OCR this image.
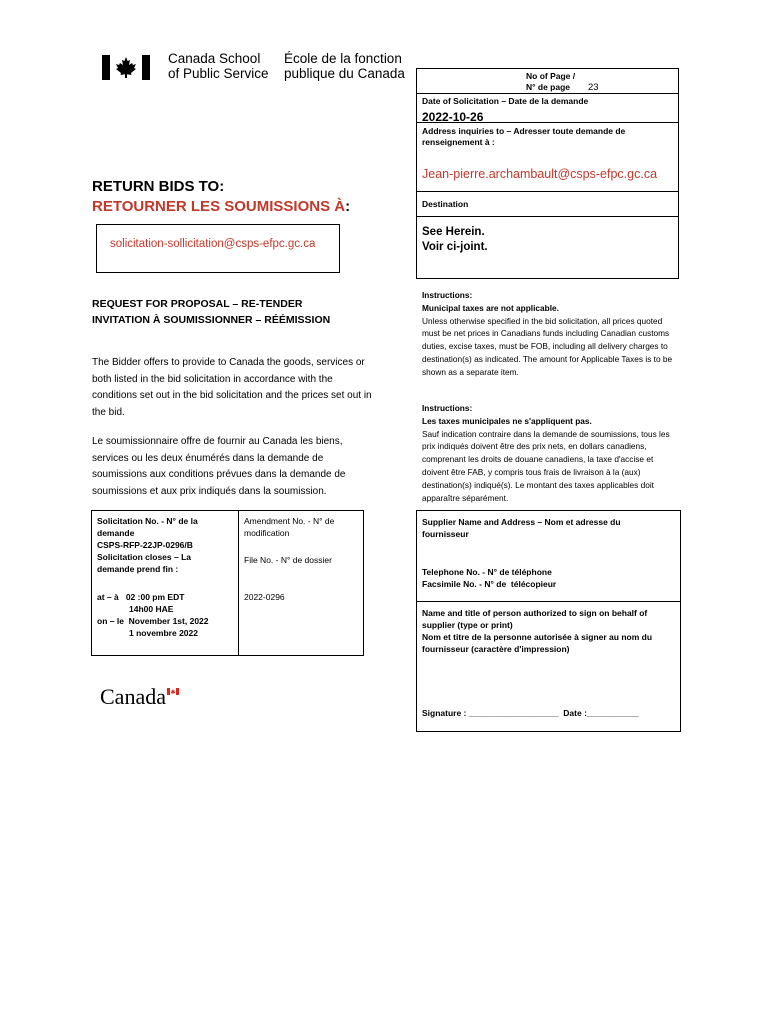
Canada School
of Public Service
École de la fonction
publique du Canada	No of Page /
N° de page	23
Date of Solicitation – Date de la demande
2022-10-26
Address inquiries to – Adresser toute demande de renseignement à :
Jean-pierre.archambault@csps-efpc.gc.ca
Destination
See Herein.
Voir ci-joint.
RETURN BIDS TO:
RETOURNER LES SOUMISSIONS À:
solicitation-sollicitation@csps-efpc.gc.ca
REQUEST FOR PROPOSAL – RE-TENDER
INVITATION À SOUMISSIONNER – RÉÉMISSION
The Bidder offers to provide to Canada the goods, services or both listed in the bid solicitation in accordance with the conditions set out in the bid solicitation and the prices set out in the bid.
Le soumissionnaire offre de fournir au Canada les biens, services ou les deux énumérés dans la demande de soumissions aux conditions prévues dans la demande de soumissions et aux prix indiqués dans la soumission.
Instructions:
Municipal taxes are not applicable.
Unless otherwise specified in the bid solicitation, all prices quoted must be net prices in Canadians funds including Canadian customs duties, excise taxes, must be FOB, including all delivery charges to destination(s) as indicated. The amount for Applicable Taxes is to be shown as a separate item.
Instructions:
Les taxes municipales ne s'appliquent pas.
Sauf indication contraire dans la demande de soumissions, tous les prix indiqués doivent être des prix nets, en dollars canadiens, comprenant les droits de douane canadiens, la taxe d'accise et doivent être FAB, y compris tous frais de livraison à la (aux) destination(s) indiqué(s). Le montant des taxes applicables doit apparaître séparément.
Solicitation No. - N° de la
demande
CSPS-RFP-22JP-0296/B
Solicitation closes – La
demande prend fin :
at – à   02 :00 pm EDT
14h00 HAE
on – le  November 1st, 2022
1 novembre 2022
Amendment No. - N° de
modification
File No. - N° de dossier
2022-0296
Supplier Name and Address – Nom et adresse du
fournisseur
Telephone No. - N° de téléphone
Facsimile No. - N° de  télécopieur
Name and title of person authorized to sign on behalf of supplier (type or print)
Nom et titre de la personne autorisée à signer au nom du fournisseur (caractère d'impression)
Signature : ___________________  Date :___________
Canada
